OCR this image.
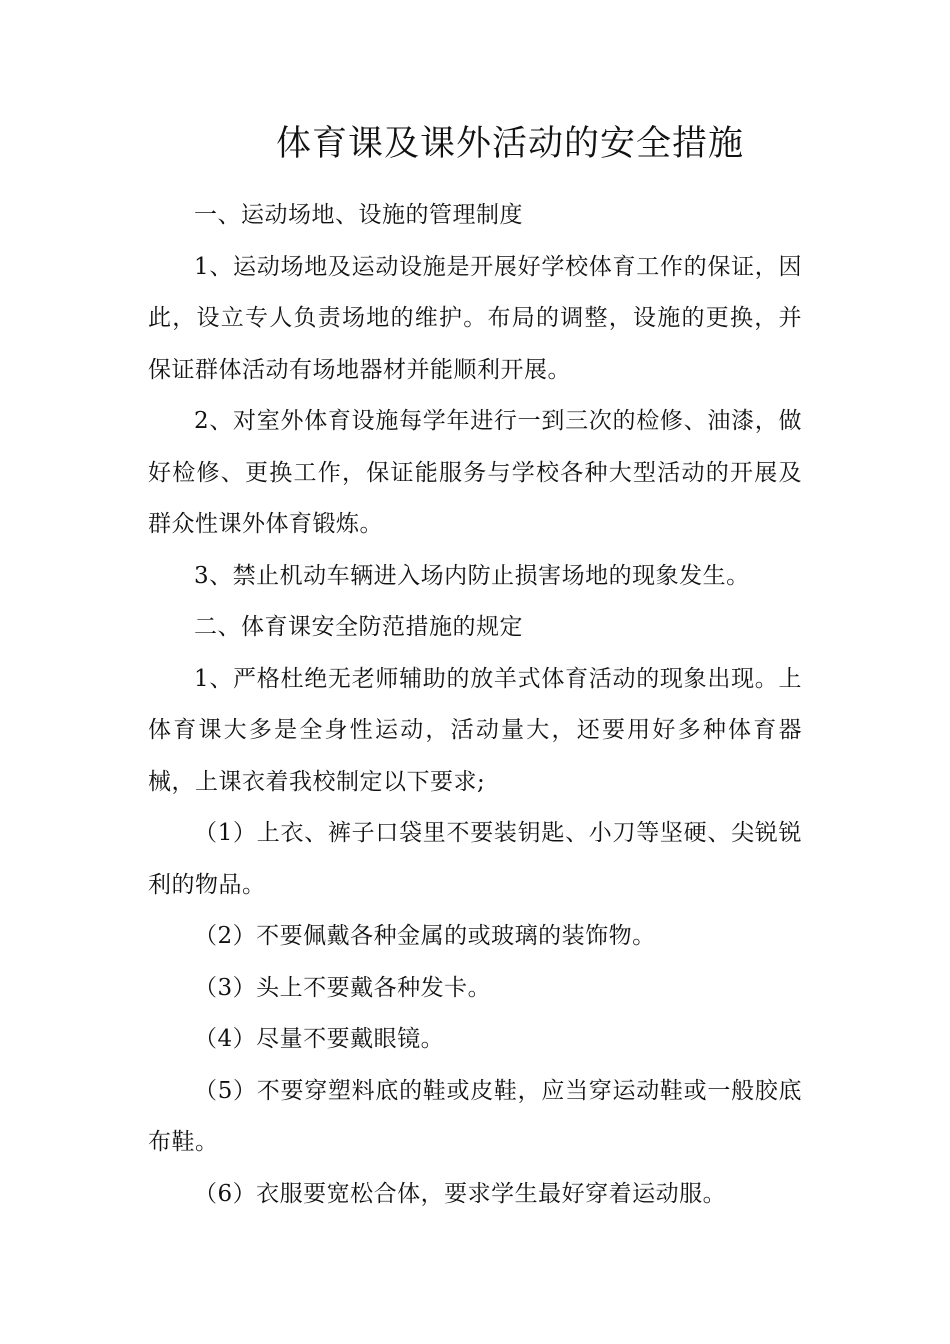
体育课及课外活动的安全措施

一、运动场地、设施的管理制度

1、运动场地及运动设施是开展好学校体育工作的保证，因此，设立专人负责场地的维护。布局的调整，设施的更换，并保证群体活动有场地器材并能顺利开展。

2、对室外体育设施每学年进行一到三次的检修、油漆，做好检修、更换工作，保证能服务与学校各种大型活动的开展及群众性课外体育锻炼。

3、禁止机动车辆进入场内防止损害场地的现象发生。

二、体育课安全防范措施的规定

1、严格杜绝无老师辅助的放羊式体育活动的现象出现。上体育课大多是全身性运动，活动量大，还要用好多种体育器械，上课衣着我校制定以下要求;

（1）上衣、裤子口袋里不要装钥匙、小刀等坚硬、尖锐锐利的物品。

（2）不要佩戴各种金属的或玻璃的装饰物。

（3）头上不要戴各种发卡。

（4）尽量不要戴眼镜。

（5）不要穿塑料底的鞋或皮鞋，应当穿运动鞋或一般胶底布鞋。

（6）衣服要宽松合体，要求学生最好穿着运动服。
